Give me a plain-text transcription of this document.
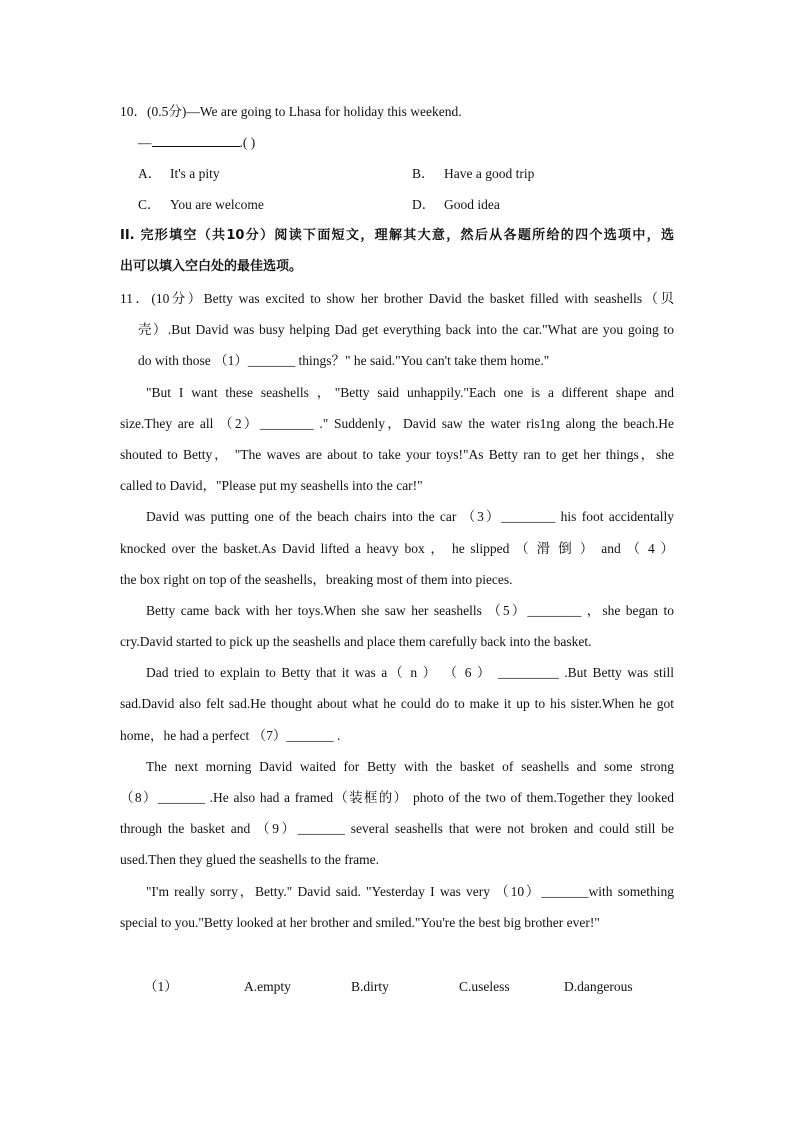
10．(0.5分)—We are going to Lhasa for holiday this weekend.
—	.( )
A． It's a pity	B． Have a good trip
C． You are welcome	D． Good idea
II. 完形填空（共10分）阅读下面短文，理解其大意，然后从各题所给的四个选项中，选
出可以填入空白处的最佳选项。
11．(10分）Betty was excited to show her brother David the basket filled with seashells（贝
壳）.But David was busy helping Dad get everything back into the car."What are you going to
do with those （1）_______ things？" he said."You can't take them home."
"But I want these seashells ，"Betty said unhappily."Each one is a different shape and
size.They are all （2）________ ." Suddenly，David saw the water ris1ng along the beach.He
shouted to Betty， "The waves are about to take your toys!"As Betty ran to get her things，she
called to David，"Please put my seashells into the car!"
David was putting one of the beach chairs into the car （3）________ his foot accidentally
knocked over the basket.As David lifted a heavy box ， he slipped （ 滑 倒 ） and （ 4 ）
the box right on top of the seashells，breaking most of them into pieces.
Betty came back with her toys.When she saw her seashells （5）________ ，she began to
cry.David started to pick up the seashells and place them carefully back into the basket.
Dad tried to explain to Betty that it was a（ n ） （ 6 ） _________ .But Betty was still
sad.David also felt sad.He thought about what he could do to make it up to his sister.When he got
home，he had a perfect （7）_______ .
The next morning David waited for Betty with the basket of seashells and some strong
（8）_______ .He also had a framed（装框的） photo of the two of them.Together they looked
through the basket and （9）_______ several seashells that were not broken and could still be
used.Then they glued the seashells to the frame.
"I'm really sorry，Betty." David said. "Yesterday I was very （10）_______with something
special to you."Betty looked at her brother and smiled."You're the best big brother ever!"
（1）	A.empty	B.dirty	C.useless	D.dangerous
